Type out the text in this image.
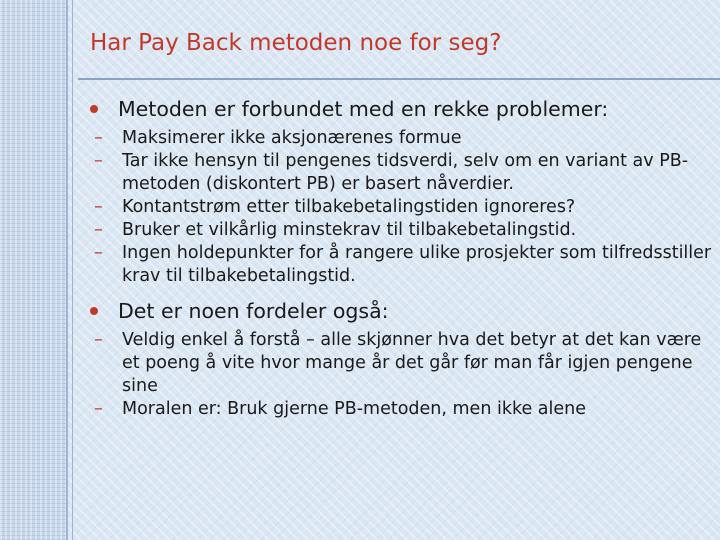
Har Pay Back metoden noe for seg?
Metoden er forbundet med en rekke problemer:
– Maksimerer ikke aksjonærenes formue
– Tar ikke hensyn til pengenes tidsverdi, selv om en variant av PB-metoden (diskontert PB) er basert nåverdier.
– Kontantstrøm etter tilbakebetalingstiden ignoreres?
– Bruker et vilkårlig minstekrav til tilbakebetalingstid.
– Ingen holdepunkter for å rangere ulike prosjekter som tilfredsstiller krav til tilbakebetalingstid.
Det er noen fordeler også:
– Veldig enkel å forstå – alle skjønner hva det betyr at det kan være et poeng å vite hvor mange år det går før man får igjen pengene sine
– Moralen er: Bruk gjerne PB-metoden, men ikke alene
